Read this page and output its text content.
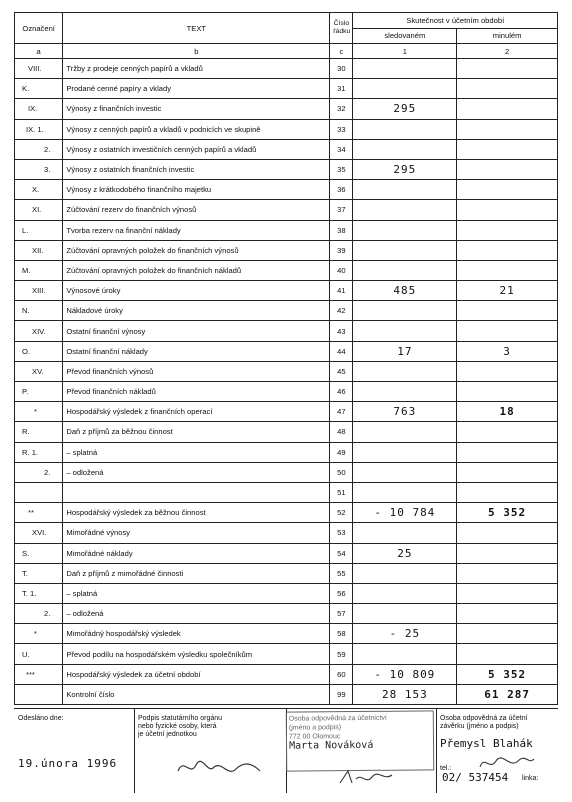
Označení	TEXT	Číslo řádku	Skutečnost v účetním období	

			sledovaném	minulém

a	b	c	1	2
VIII.	Tržby z prodeje cenných papírů a vkladů	30		
K.	Prodané cenné papíry a vklady	31		
IX.	Výnosy z finančních investic	32	295	
IX. 1.	Výnosy z cenných papírů a vkladů v podnicích ve skupině	33		
2.	Výnosy z ostatních investičních cenných papírů a vkladů	34		
3.	Výnosy z ostatních finančních investic	35	295	
X.	Výnosy z krátkodobého finančního majetku	36		
XI.	Zúčtování rezerv do finančních výnosů	37		
L.	Tvorba rezerv na finanční náklady	38		
XII.	Zúčtování opravných položek do finančních výnosů	39		
M.	Zúčtování opravných položek do finančních nákladů	40		
XIII.	Výnosové úroky	41	485	21
N.	Nákladové úroky	42		
XIV.	Ostatní finanční výnosy	43		
O.	Ostatní finanční náklady	44	17	3
XV.	Převod finančních výnosů	45		
P.	Převod finančních nákladů	46		
*	Hospodářský výsledek z finančních operací	47	763	18
R.	Daň z příjmů za běžnou činnost	48		
R. 1.	– splatná	49		
2.	– odložená	50		
		51		
**	Hospodářský výsledek za běžnou činnost	52	- 10 784	5 352
XVI.	Mimořádné výnosy	53		
S.	Mimořádné náklady	54	25	
T.	Daň z příjmů z mimořádné činnosti	55		
T. 1.	– splatná	56		
2.	– odložená	57		
*	Mimořádný hospodářský výsledek	58	- 25	
U.	Převod podílu na hospodářském výsledku společníkům	59		
***	Hospodářský výsledek za účetní období	60	- 10 809	5 352
	Kontrolní číslo	99	28 153	61 287
Odesláno dne:
19.února 1996
Podpis statutárního orgánu
nebo fyzické osoby, která
je účetní jednotkou
Osoba odpovědná za účetnictví
(jméno a podpis)
772 00 Olomouc
Marta Nováková
Osoba odpovědná za účetní
závěrku (jméno a podpis)
Přemysl Blahák
tel.:
02/ 537454 linka:
